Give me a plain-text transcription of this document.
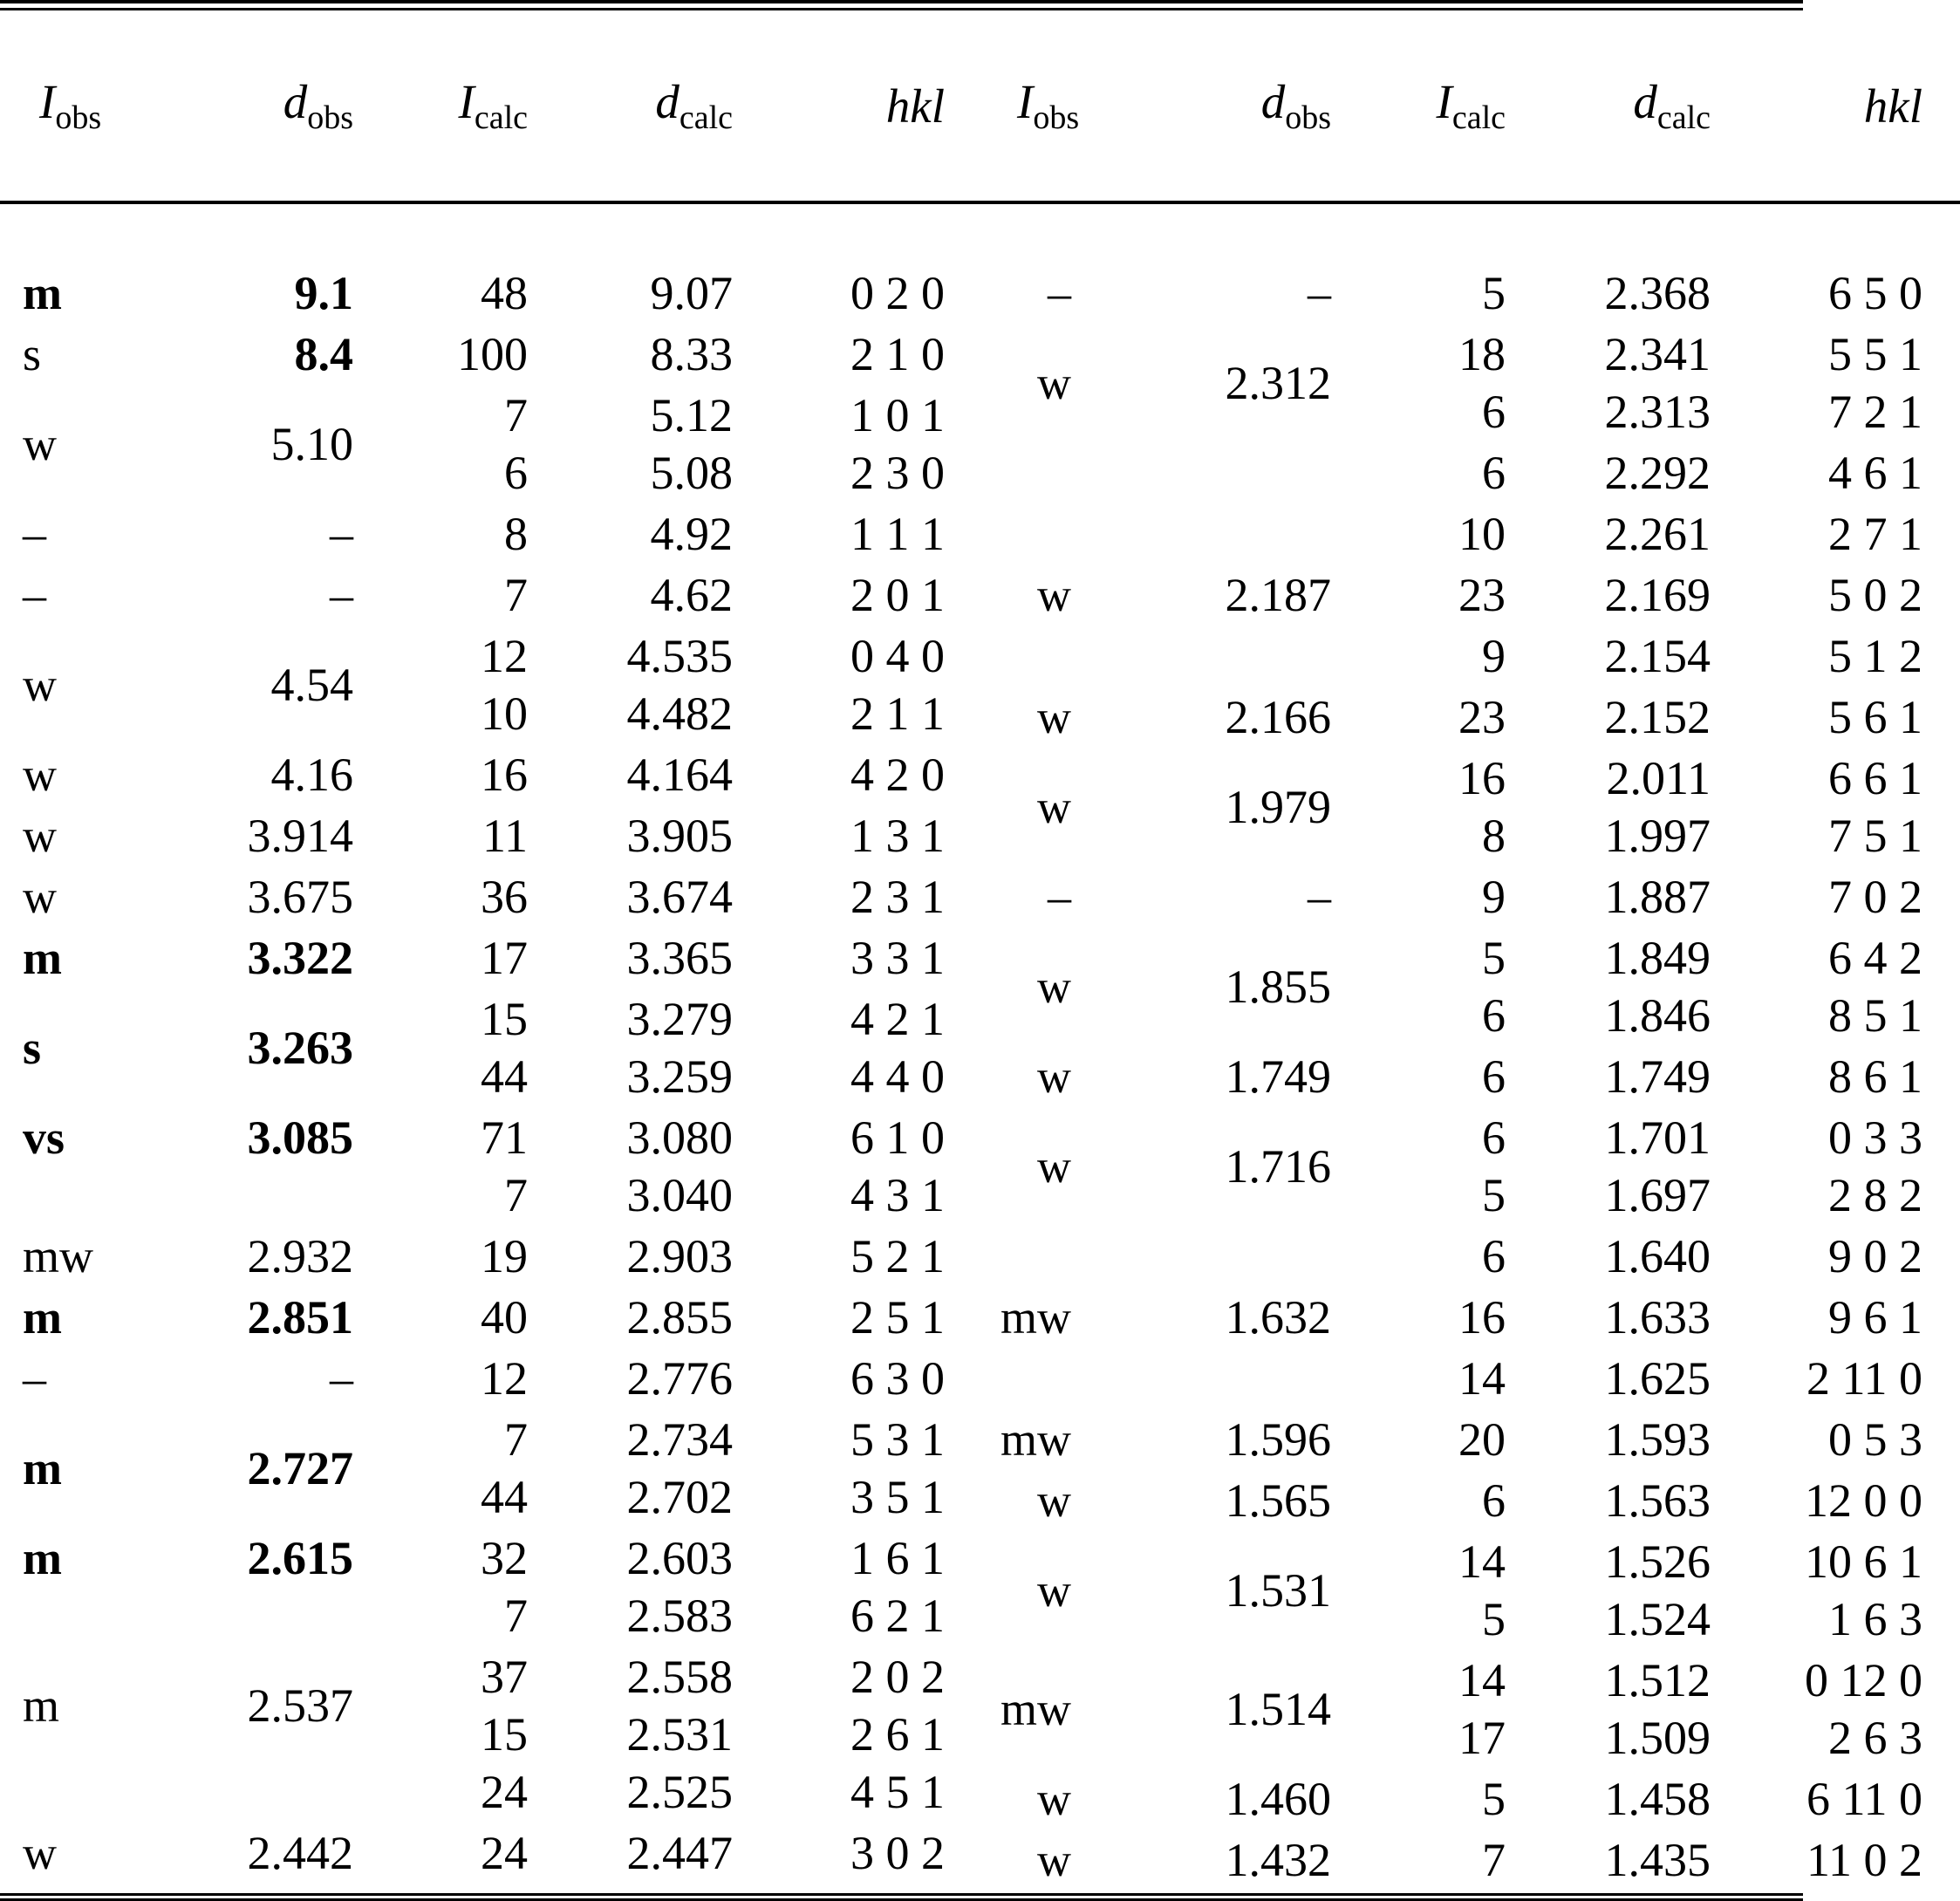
$I_{obs}$	$d_{obs}$	$I_{calc}$	$d_{calc}$	hkl
m	9.1	48	9.07	0 2 0
s	8.4	100	8.33	2 1 0
w	5.10	7	5.12	1 0 1
		6	5.08	2 3 0
–	–	8	4.92	1 1 1
–	–	7	4.62	2 0 1
w	4.54	12	4.535	0 4 0
		10	4.482	2 1 1
w	4.16	16	4.164	4 2 0
w	3.914	11	3.905	1 3 1
w	3.675	36	3.674	2 3 1
m	3.322	17	3.365	3 3 1
s	3.263	15	3.279	4 2 1
		44	3.259	4 4 0
vs	3.085	71	3.080	6 1 0
		7	3.040	4 3 1
mw	2.932	19	2.903	5 2 1
m	2.851	40	2.855	2 5 1
–	–	12	2.776	6 3 0
m	2.727	7	2.734	5 3 1
		44	2.702	3 5 1
m	2.615	32	2.603	1 6 1
		7	2.583	6 2 1
m	2.537	37	2.558	2 0 2
		15	2.531	2 6 1
		24	2.525	4 5 1
w	2.442	24	2.447	3 0 2
$I_{obs}$	$d_{obs}$	$I_{calc}$	$d_{calc}$	hkl
–	–	5	2.368	6 5 0
w	2.312	18	2.341	5 5 1
		6	2.313	7 2 1
		6	2.292	4 6 1
		10	2.261	2 7 1
w	2.187	23	2.169	5 0 2
		9	2.154	5 1 2
w	2.166	23	2.152	5 6 1
w	1.979	16	2.011	6 6 1
		8	1.997	7 5 1
–	–	9	1.887	7 0 2
w	1.855	5	1.849	6 4 2
		6	1.846	8 5 1
w	1.749	6	1.749	8 6 1
w	1.716	6	1.701	0 3 3
		5	1.697	2 8 2
		6	1.640	9 0 2
mw	1.632	16	1.633	9 6 1
		14	1.625	2 11 0
mw	1.596	20	1.593	0 5 3
w	1.565	6	1.563	12 0 0
w	1.531	14	1.526	10 6 1
		5	1.524	1 6 3
mw	1.514	14	1.512	0 12 0
		17	1.509	2 6 3
w	1.460	5	1.458	6 11 0
w	1.432	7	1.435	11 0 2
